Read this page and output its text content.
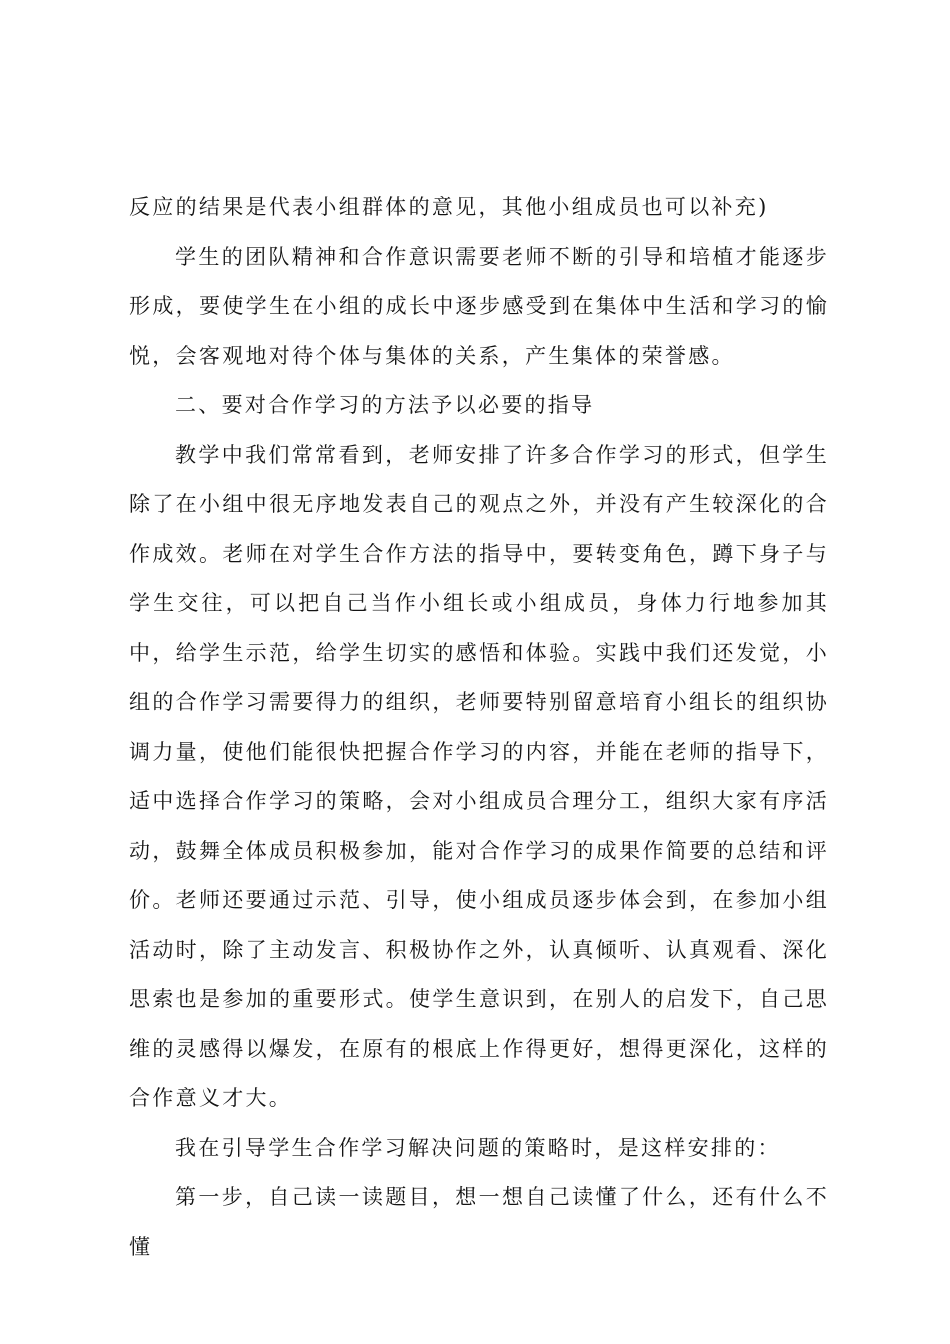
反应的结果是代表小组群体的意见，其他小组成员也可以补充)

学生的团队精神和合作意识需要老师不断的引导和培植才能逐步形成，要使学生在小组的成长中逐步感受到在集体中生活和学习的愉悦，会客观地对待个体与集体的关系，产生集体的荣誉感。

二、要对合作学习的方法予以必要的指导

教学中我们常常看到，老师安排了许多合作学习的形式，但学生除了在小组中很无序地发表自己的观点之外，并没有产生较深化的合作成效。老师在对学生合作方法的指导中，要转变角色，蹲下身子与学生交往，可以把自己当作小组长或小组成员，身体力行地参加其中，给学生示范，给学生切实的感悟和体验。实践中我们还发觉，小组的合作学习需要得力的组织，老师要特别留意培育小组长的组织协调力量，使他们能很快把握合作学习的内容，并能在老师的指导下，适中选择合作学习的策略，会对小组成员合理分工，组织大家有序活动，鼓舞全体成员积极参加，能对合作学习的成果作简要的总结和评价。老师还要通过示范、引导，使小组成员逐步体会到，在参加小组活动时，除了主动发言、积极协作之外，认真倾听、认真观看、深化思索也是参加的重要形式。使学生意识到，在别人的启发下，自己思维的灵感得以爆发，在原有的根底上作得更好，想得更深化，这样的合作意义才大。

我在引导学生合作学习解决问题的策略时，是这样安排的：

第一步，自己读一读题目，想一想自己读懂了什么，还有什么不懂
